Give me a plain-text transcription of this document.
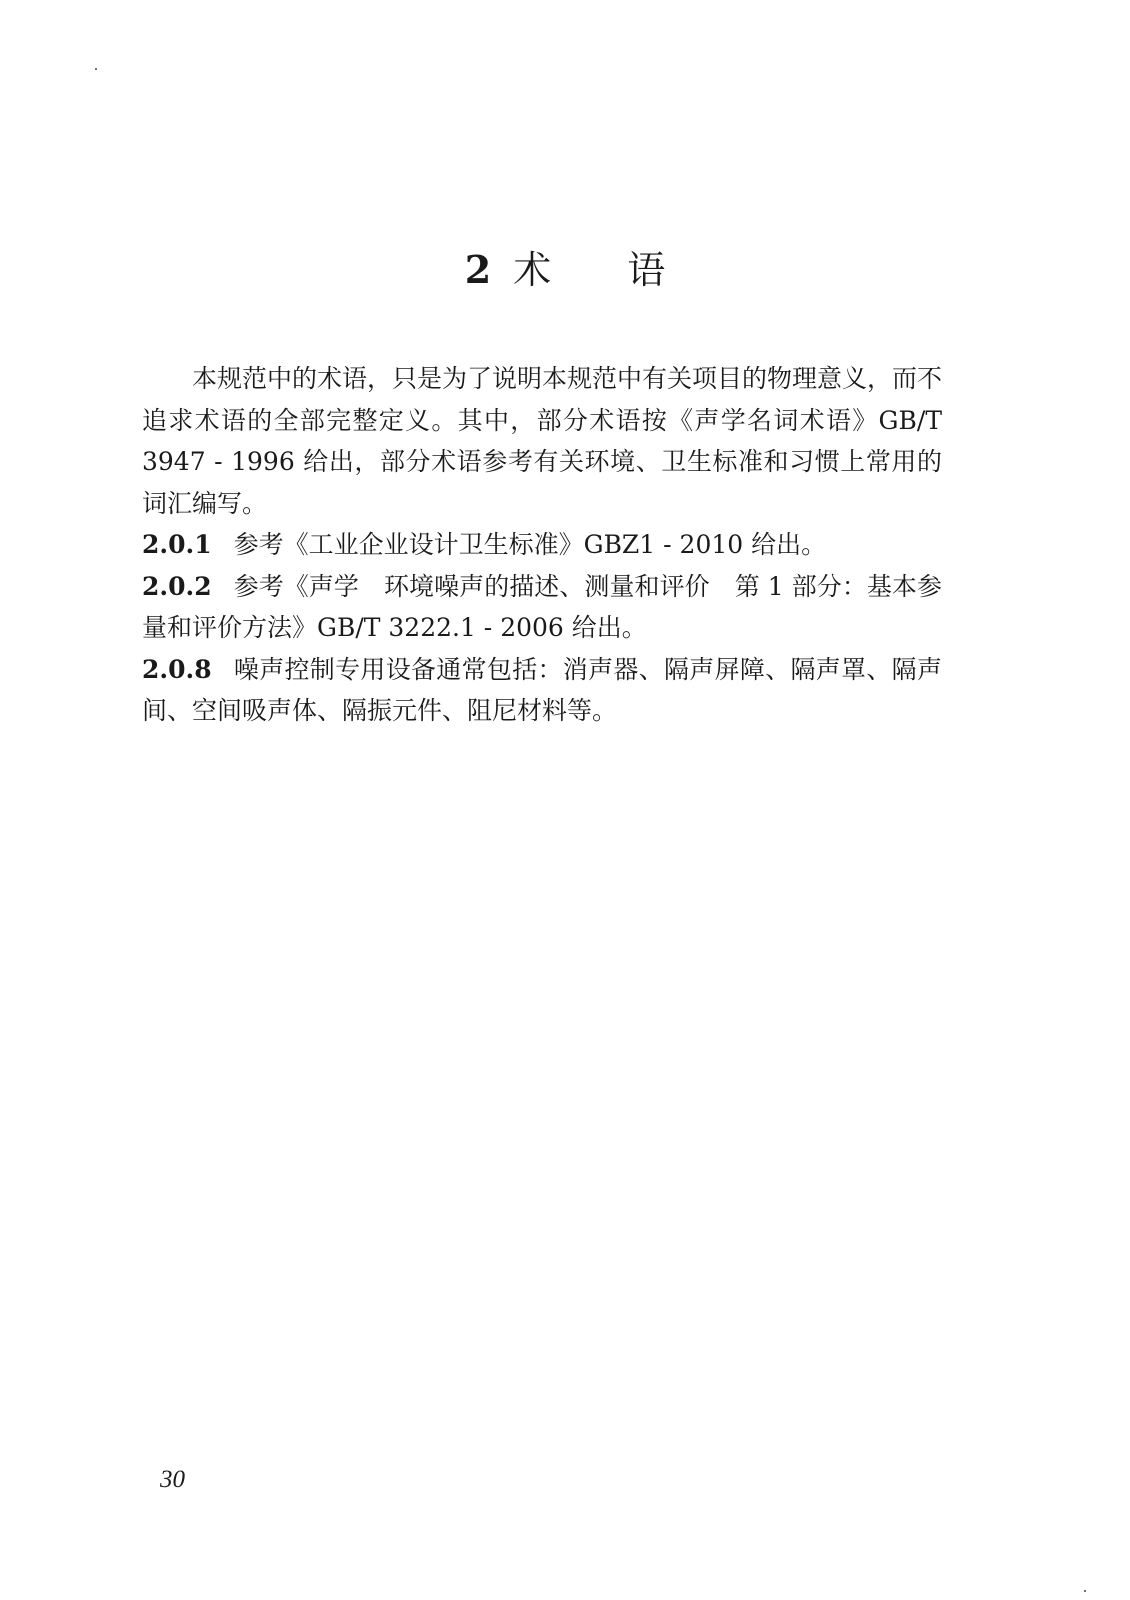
2 术 语

本规范中的术语，只是为了说明本规范中有关项目的物理意义，而不追求术语的全部完整定义。其中，部分术语按《声学名词术语》GB/T 3947 - 1996 给出，部分术语参考有关环境、卫生标准和习惯上常用的词汇编写。

2.0.1 参考《工业企业设计卫生标准》GBZ1 - 2010 给出。

2.0.2 参考《声学　环境噪声的描述、测量和评价　第 1 部分：基本参量和评价方法》GB/T 3222.1 - 2006 给出。

2.0.8 噪声控制专用设备通常包括：消声器、隔声屏障、隔声罩、隔声间、空间吸声体、隔振元件、阻尼材料等。

30
